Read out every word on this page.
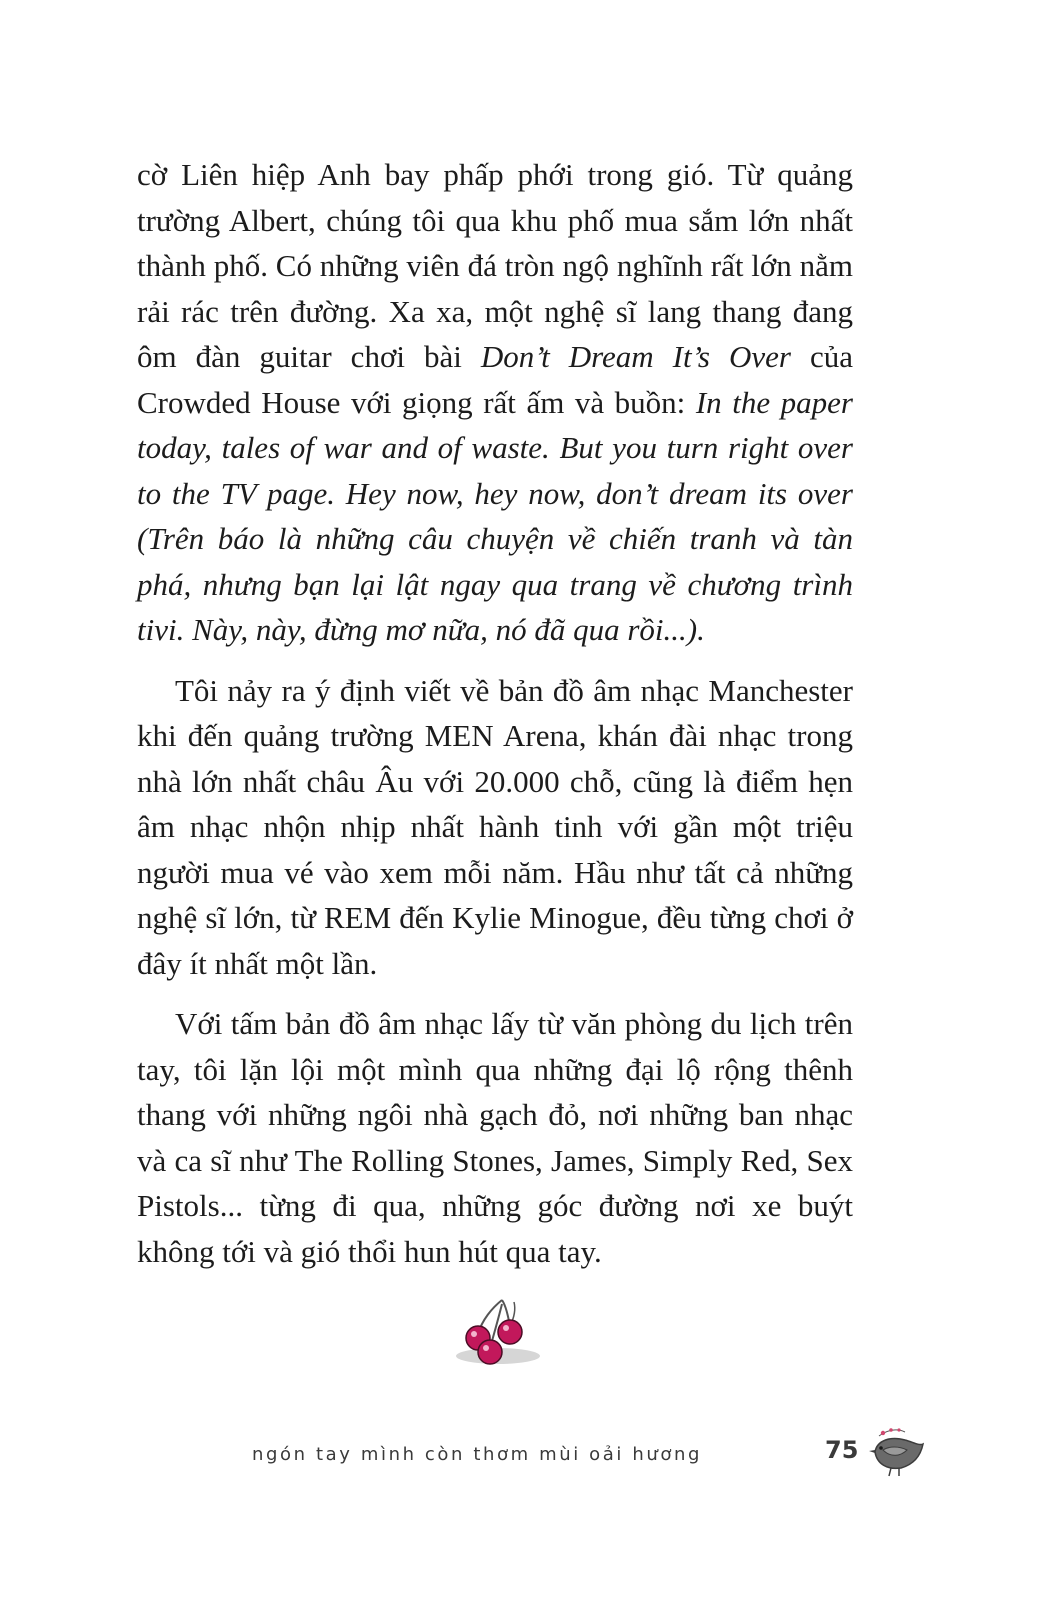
cờ Liên hiệp Anh bay phấp phới trong gió. Từ quảng trường Albert, chúng tôi qua khu phố mua sắm lớn nhất thành phố. Có những viên đá tròn ngộ nghĩnh rất lớn nằm rải rác trên đường. Xa xa, một nghệ sĩ lang thang đang ôm đàn guitar chơi bài Don’t Dream It’s Over của Crowded House với giọng rất ấm và buồn: In the paper today, tales of war and of waste. But you turn right over to the TV page. Hey now, hey now, don’t dream its over (Trên báo là những câu chuyện về chiến tranh và tàn phá, nhưng bạn lại lật ngay qua trang về chương trình tivi. Này, này, đừng mơ nữa, nó đã qua rồi...).

Tôi nảy ra ý định viết về bản đồ âm nhạc Manchester khi đến quảng trường MEN Arena, khán đài nhạc trong nhà lớn nhất châu Âu với 20.000 chỗ, cũng là điểm hẹn âm nhạc nhộn nhịp nhất hành tinh với gần một triệu người mua vé vào xem mỗi năm. Hầu như tất cả những nghệ sĩ lớn, từ REM đến Kylie Minogue, đều từng chơi ở đây ít nhất một lần.

Với tấm bản đồ âm nhạc lấy từ văn phòng du lịch trên tay, tôi lặn lội một mình qua những đại lộ rộng thênh thang với những ngôi nhà gạch đỏ, nơi những ban nhạc và ca sĩ như The Rolling Stones, James, Simply Red, Sex Pistols... từng đi qua, những góc đường nơi xe buýt không tới và gió thổi hun hút qua tay.

ngón tay mình còn thơm mùi oải hương	75
